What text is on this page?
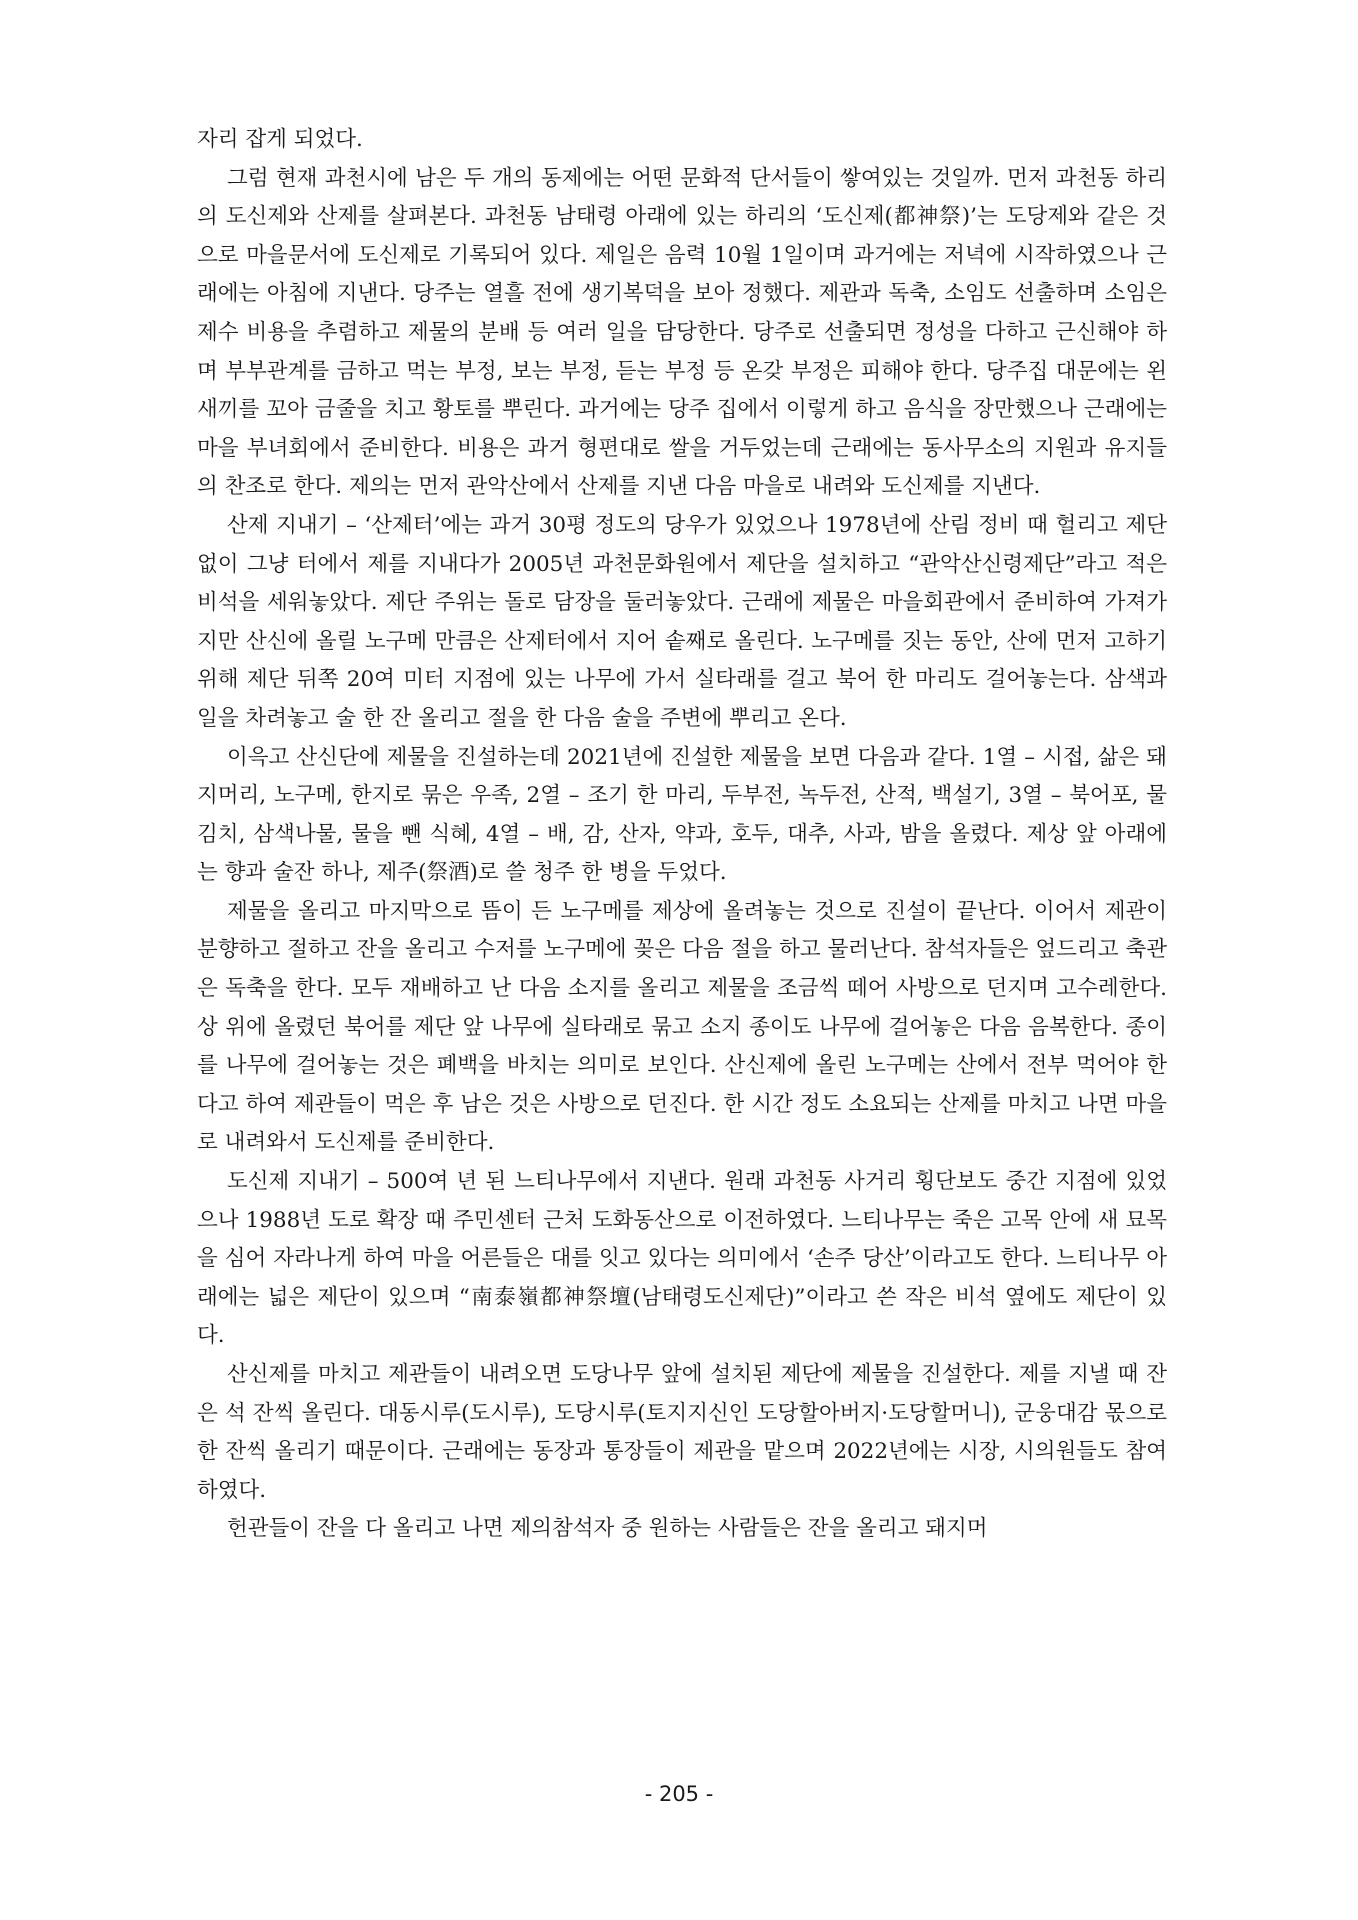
자리 잡게 되었다.

그럼 현재 과천시에 남은 두 개의 동제에는 어떤 문화적 단서들이 쌓여있는 것일까. 먼저 과천동 하리의 도신제와 산제를 살펴본다. 과천동 남태령 아래에 있는 하리의 ‘도신제(都神祭)’는 도당제와 같은 것으로 마을문서에 도신제로 기록되어 있다. 제일은 음력 10월 1일이며 과거에는 저녁에 시작하였으나 근래에는 아침에 지낸다. 당주는 열흘 전에 생기복덕을 보아 정했다. 제관과 독축, 소임도 선출하며 소임은 제수 비용을 추렴하고 제물의 분배 등 여러 일을 담당한다. 당주로 선출되면 정성을 다하고 근신해야 하며 부부관계를 금하고 먹는 부정, 보는 부정, 듣는 부정 등 온갖 부정은 피해야 한다. 당주집 대문에는 왼새끼를 꼬아 금줄을 치고 황토를 뿌린다. 과거에는 당주 집에서 이렇게 하고 음식을 장만했으나 근래에는 마을 부녀회에서 준비한다. 비용은 과거 형편대로 쌀을 거두었는데 근래에는 동사무소의 지원과 유지들의 찬조로 한다. 제의는 먼저 관악산에서 산제를 지낸 다음 마을로 내려와 도신제를 지낸다.

산제 지내기 – ‘산제터’에는 과거 30평 정도의 당우가 있었으나 1978년에 산림 정비 때 헐리고 제단 없이 그냥 터에서 제를 지내다가 2005년 과천문화원에서 제단을 설치하고 “관악산신령제단”라고 적은 비석을 세워놓았다. 제단 주위는 돌로 담장을 둘러놓았다. 근래에 제물은 마을회관에서 준비하여 가져가지만 산신에 올릴 노구메 만큼은 산제터에서 지어 솥째로 올린다. 노구메를 짓는 동안, 산에 먼저 고하기 위해 제단 뒤쪽 20여 미터 지점에 있는 나무에 가서 실타래를 걸고 북어 한 마리도 걸어놓는다. 삼색과 일을 차려놓고 술 한 잔 올리고 절을 한 다음 술을 주변에 뿌리고 온다.

이윽고 산신단에 제물을 진설하는데 2021년에 진설한 제물을 보면 다음과 같다. 1열 – 시접, 삶은 돼지머리, 노구메, 한지로 묶은 우족, 2열 – 조기 한 마리, 두부전, 녹두전, 산적, 백설기, 3열 – 북어포, 물김치, 삼색나물, 물을 뺀 식혜, 4열 – 배, 감, 산자, 약과, 호두, 대추, 사과, 밤을 올렸다. 제상 앞 아래에는 향과 술잔 하나, 제주(祭酒)로 쓸 청주 한 병을 두었다.

제물을 올리고 마지막으로 뜸이 든 노구메를 제상에 올려놓는 것으로 진설이 끝난다. 이어서 제관이 분향하고 절하고 잔을 올리고 수저를 노구메에 꽂은 다음 절을 하고 물러난다. 참석자들은 엎드리고 축관은 독축을 한다. 모두 재배하고 난 다음 소지를 올리고 제물을 조금씩 떼어 사방으로 던지며 고수레한다. 상 위에 올렸던 북어를 제단 앞 나무에 실타래로 묶고 소지 종이도 나무에 걸어놓은 다음 음복한다. 종이를 나무에 걸어놓는 것은 폐백을 바치는 의미로 보인다. 산신제에 올린 노구메는 산에서 전부 먹어야 한다고 하여 제관들이 먹은 후 남은 것은 사방으로 던진다. 한 시간 정도 소요되는 산제를 마치고 나면 마을로 내려와서 도신제를 준비한다.

도신제 지내기 – 500여 년 된 느티나무에서 지낸다. 원래 과천동 사거리 횡단보도 중간 지점에 있었으나 1988년 도로 확장 때 주민센터 근처 도화동산으로 이전하였다. 느티나무는 죽은 고목 안에 새 묘목을 심어 자라나게 하여 마을 어른들은 대를 잇고 있다는 의미에서 ‘손주 당산’이라고도 한다. 느티나무 아래에는 넓은 제단이 있으며 “南泰嶺都神祭壇(남태령도신제단)”이라고 쓴 작은 비석 옆에도 제단이 있다.

산신제를 마치고 제관들이 내려오면 도당나무 앞에 설치된 제단에 제물을 진설한다. 제를 지낼 때 잔은 석 잔씩 올린다. 대동시루(도시루), 도당시루(토지지신인 도당할아버지·도당할머니), 군웅대감 몫으로 한 잔씩 올리기 때문이다. 근래에는 동장과 통장들이 제관을 맡으며 2022년에는 시장, 시의원들도 참여하였다.

헌관들이 잔을 다 올리고 나면 제의참석자 중 원하는 사람들은 잔을 올리고 돼지머

- 205 -
